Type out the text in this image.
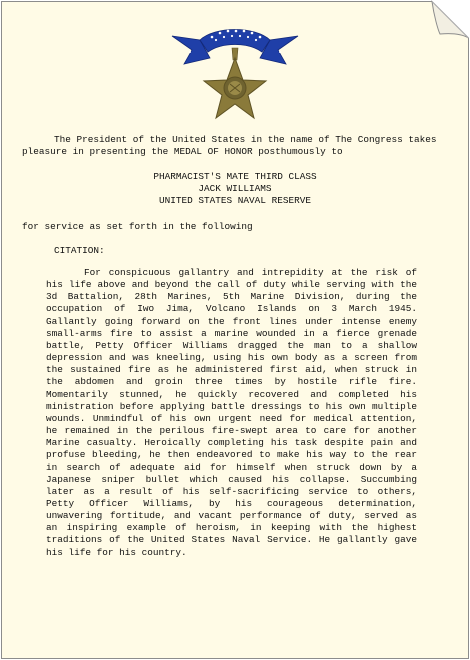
The President of the United States in the name of The Congress takes pleasure in presenting the MEDAL OF HONOR posthumously to
PHARMACIST'S MATE THIRD CLASS
JACK WILLIAMS
UNITED STATES NAVAL RESERVE
for service as set forth in the following
CITATION:
For conspicuous gallantry and intrepidity at the risk of his life above and beyond the call of duty while serving with the 3d Battalion, 28th Marines, 5th Marine Division, during the occupation of Iwo Jima, Volcano Islands on 3 March 1945. Gallantly going forward on the front lines under intense enemy small-arms fire to assist a marine wounded in a fierce grenade battle, Petty Officer Williams dragged the man to a shallow depression and was kneeling, using his own body as a screen from the sustained fire as he administered first aid, when struck in the abdomen and groin three times by hostile rifle fire. Momentarily stunned, he quickly recovered and completed his ministration before applying battle dressings to his own multiple wounds. Unmindful of his own urgent need for medical attention, he remained in the perilous fire-swept area to care for another Marine casualty. Heroically completing his task despite pain and profuse bleeding, he then endeavored to make his way to the rear in search of adequate aid for himself when struck down by a Japanese sniper bullet which caused his collapse. Succumbing later as a result of his self-sacrificing service to others, Petty Officer Williams, by his courageous determination, unwavering fortitude, and vacant performance of duty, served as an inspiring example of heroism, in keeping with the highest traditions of the United States Naval Service. He gallantly gave his life for his country.
